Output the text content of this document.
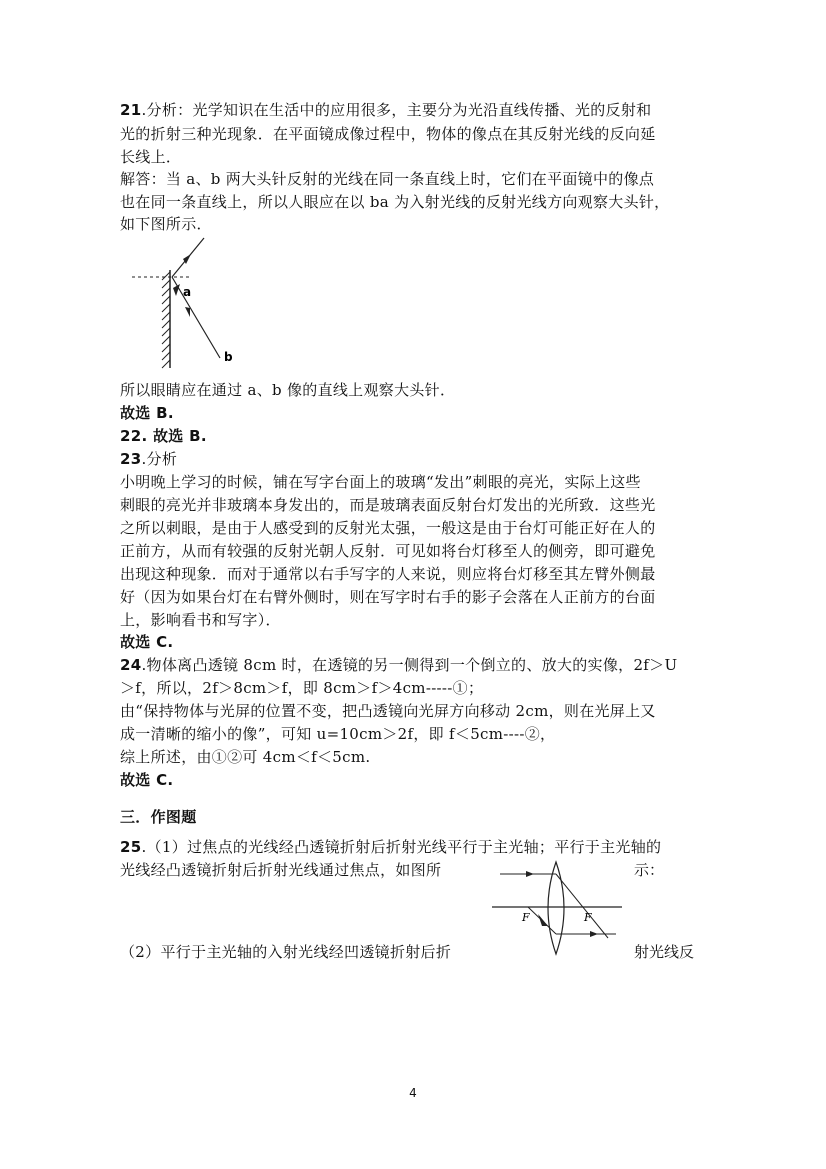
21.分析：光学知识在生活中的应用很多，主要分为光沿直线传播、光的反射和
光的折射三种光现象．在平面镜成像过程中，物体的像点在其反射光线的反向延
长线上．
解答：当 a、b 两大头针反射的光线在同一条直线上时，它们在平面镜中的像点
也在同一条直线上，所以人眼应在以 ba 为入射光线的反射光线方向观察大头针，
如下图所示．
a
b
所以眼睛应在通过 a、b 像的直线上观察大头针．
故选 B.
22. 故选 B.
23.分析
小明晚上学习的时候，铺在写字台面上的玻璃“发出”刺眼的亮光，实际上这些
刺眼的亮光并非玻璃本身发出的，而是玻璃表面反射台灯发出的光所致．这些光
之所以刺眼，是由于人感受到的反射光太强，一般这是由于台灯可能正好在人的
正前方，从而有较强的反射光朝人反射．可见如将台灯移至人的侧旁，即可避免
出现这种现象．而对于通常以右手写字的人来说，则应将台灯移至其左臂外侧最
好（因为如果台灯在右臂外侧时，则在写字时右手的影子会落在人正前方的台面
上，影响看书和写字）．
故选 C.
24.物体离凸透镜 8cm 时，在透镜的另一侧得到一个倒立的、放大的实像，2f＞U
＞f，所以，2f＞8cm＞f，即 8cm＞f＞4cm-----①；
由“保持物体与光屏的位置不变，把凸透镜向光屏方向移动 2cm，则在光屏上又
成一清晰的缩小的像”，可知 u=10cm＞2f，即 f＜5cm----②，
综上所述，由①②可 4cm＜f＜5cm.
故选 C.
三．作图题
25.（1）过焦点的光线经凸透镜折射后折射光线平行于主光轴；平行于主光轴的
光线经凸透镜折射后折射光线通过焦点，如图所	示：
（2）平行于主光轴的入射光线经凹透镜折射后折	射光线反
F	F
4
